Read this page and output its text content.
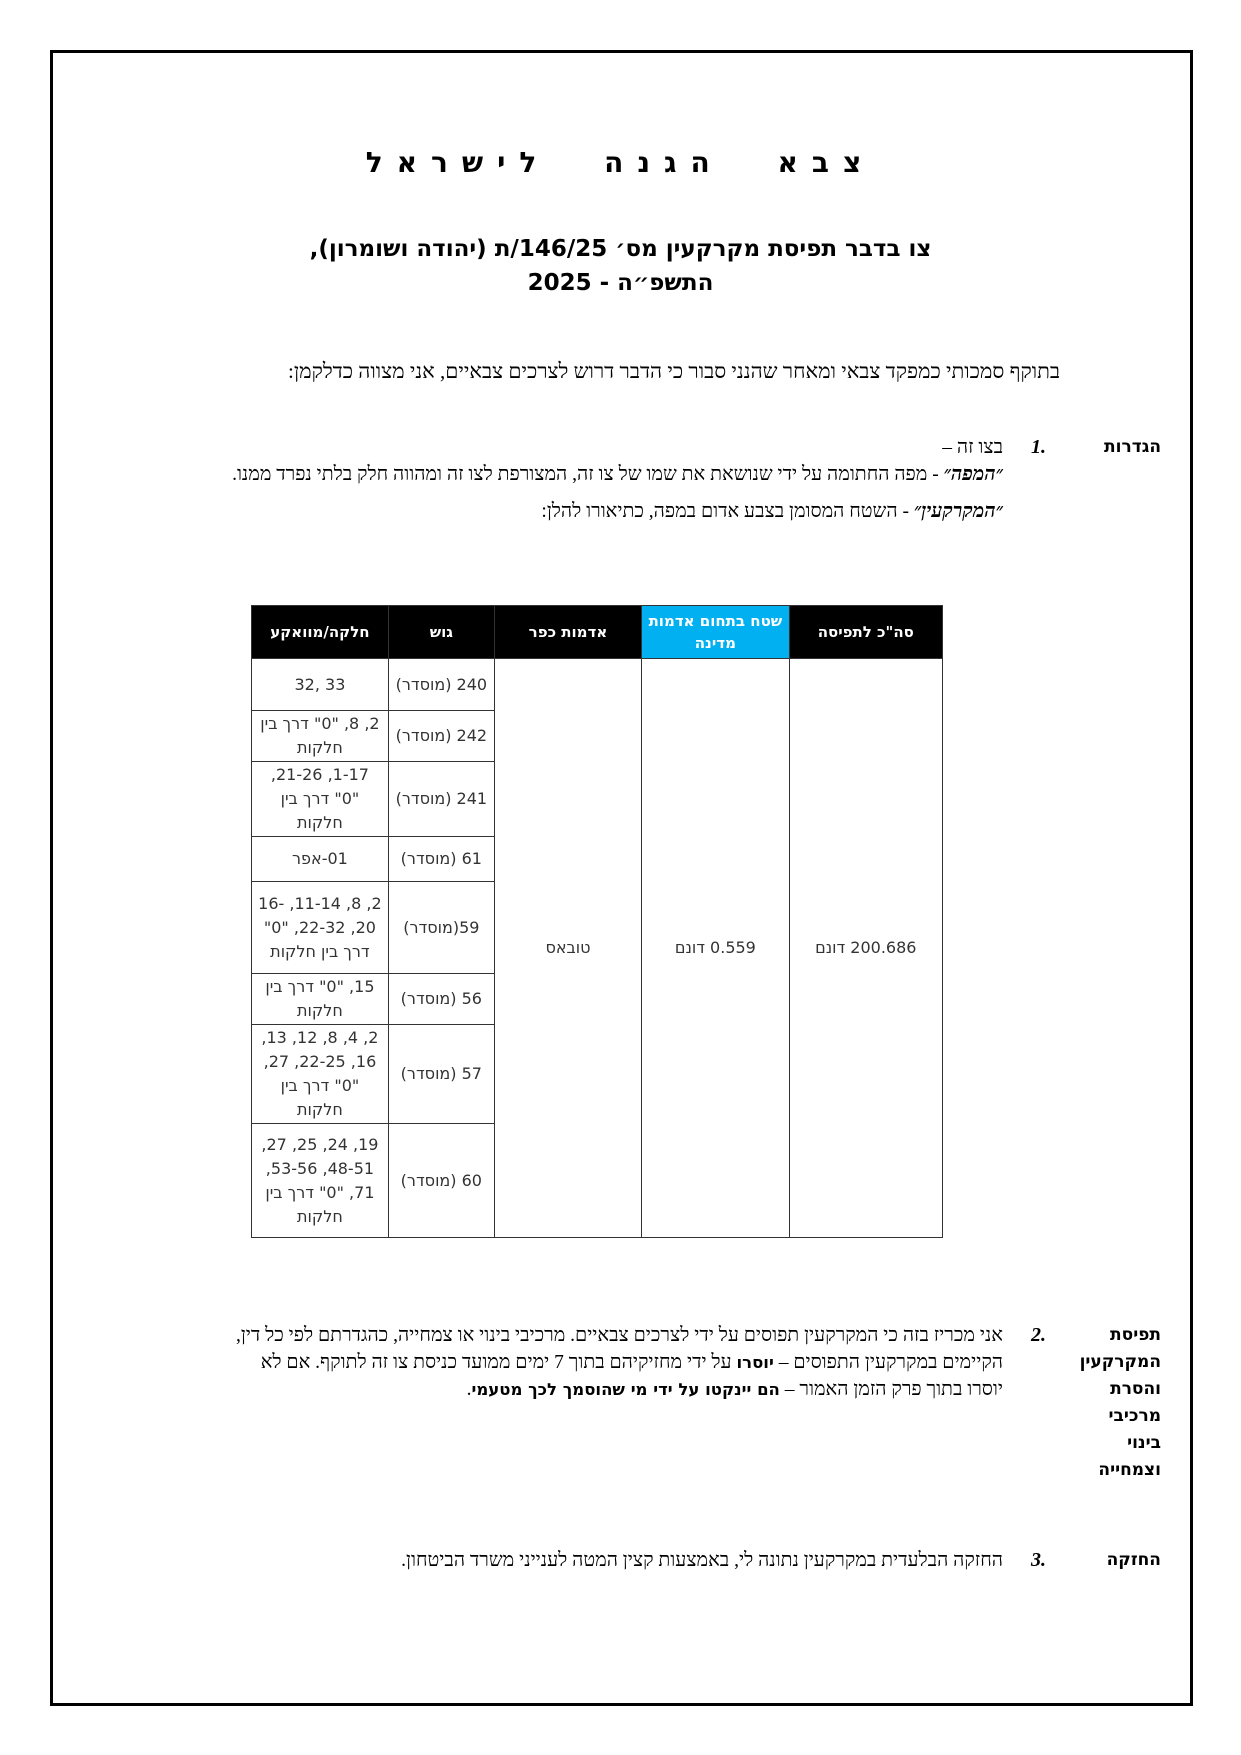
צבא הגנה לישראל
צו בדבר תפיסת מקרקעין מס׳ 146/25/ת (יהודה ושומרון),
התשפ״ה - 2025
בתוקף סמכותי כמפקד צבאי ומאחר שהנני סבור כי הדבר דרוש לצרכים צבאיים, אני מצווה כדלקמן:
הגדרות
.1

בצו זה –

״המפה״ - מפה החתומה על ידי שנושאת את שמו של צו זה, המצורפת לצו זה ומהווה חלק בלתי נפרד ממנו.

״המקרקעין״ - השטח המסומן בצבע אדום במפה, כתיאורו להלן:

סה"כ לתפיסה	שטח בתחום אדמות מדינה	אדמות כפר	גוש	חלקה/מוואקע
200.686 דונם	0.559 דונם	טובאס	240 (מוסדר)	33 ,32
			242 (מוסדר)	2, 8, "0" דרך בין חלקות
			241 (מוסדר)	1-17, 21-26, "0" דרך בין חלקות
			61 (מוסדר)	01-אפר
			59(מוסדר)	2, 8, 11-14, 16-20, 22-32, "0" דרך בין חלקות
			56 (מוסדר)	15, "0" דרך בין חלקות
			57 (מוסדר)	2, 4, 8, 12, 13, 16, 22-25, 27, "0" דרך בין חלקות
			60 (מוסדר)	19, 24, 25, 27, 48-51, 53-56, 71, "0" דרך בין חלקות
תפיסת
המקרקעין
והסרת
מרכיבי
בינוי
וצמחייה
.2

אני מכריז בזה כי המקרקעין תפוסים על ידי לצרכים צבאיים. מרכיבי בינוי או צמחייה, כהגדרתם לפי כל דין, הקיימים במקרקעין התפוסים – יוסרו על ידי מחזיקיהם בתוך 7 ימים ממועד כניסת צו זה לתוקף. אם לא יוסרו בתוך פרק הזמן האמור – הם יינקטו על ידי מי שהוסמך לכך מטעמי.

החזקה
.3
החזקה הבלעדית במקרקעין נתונה לי, באמצעות קצין המטה לענייני משרד הביטחון.
